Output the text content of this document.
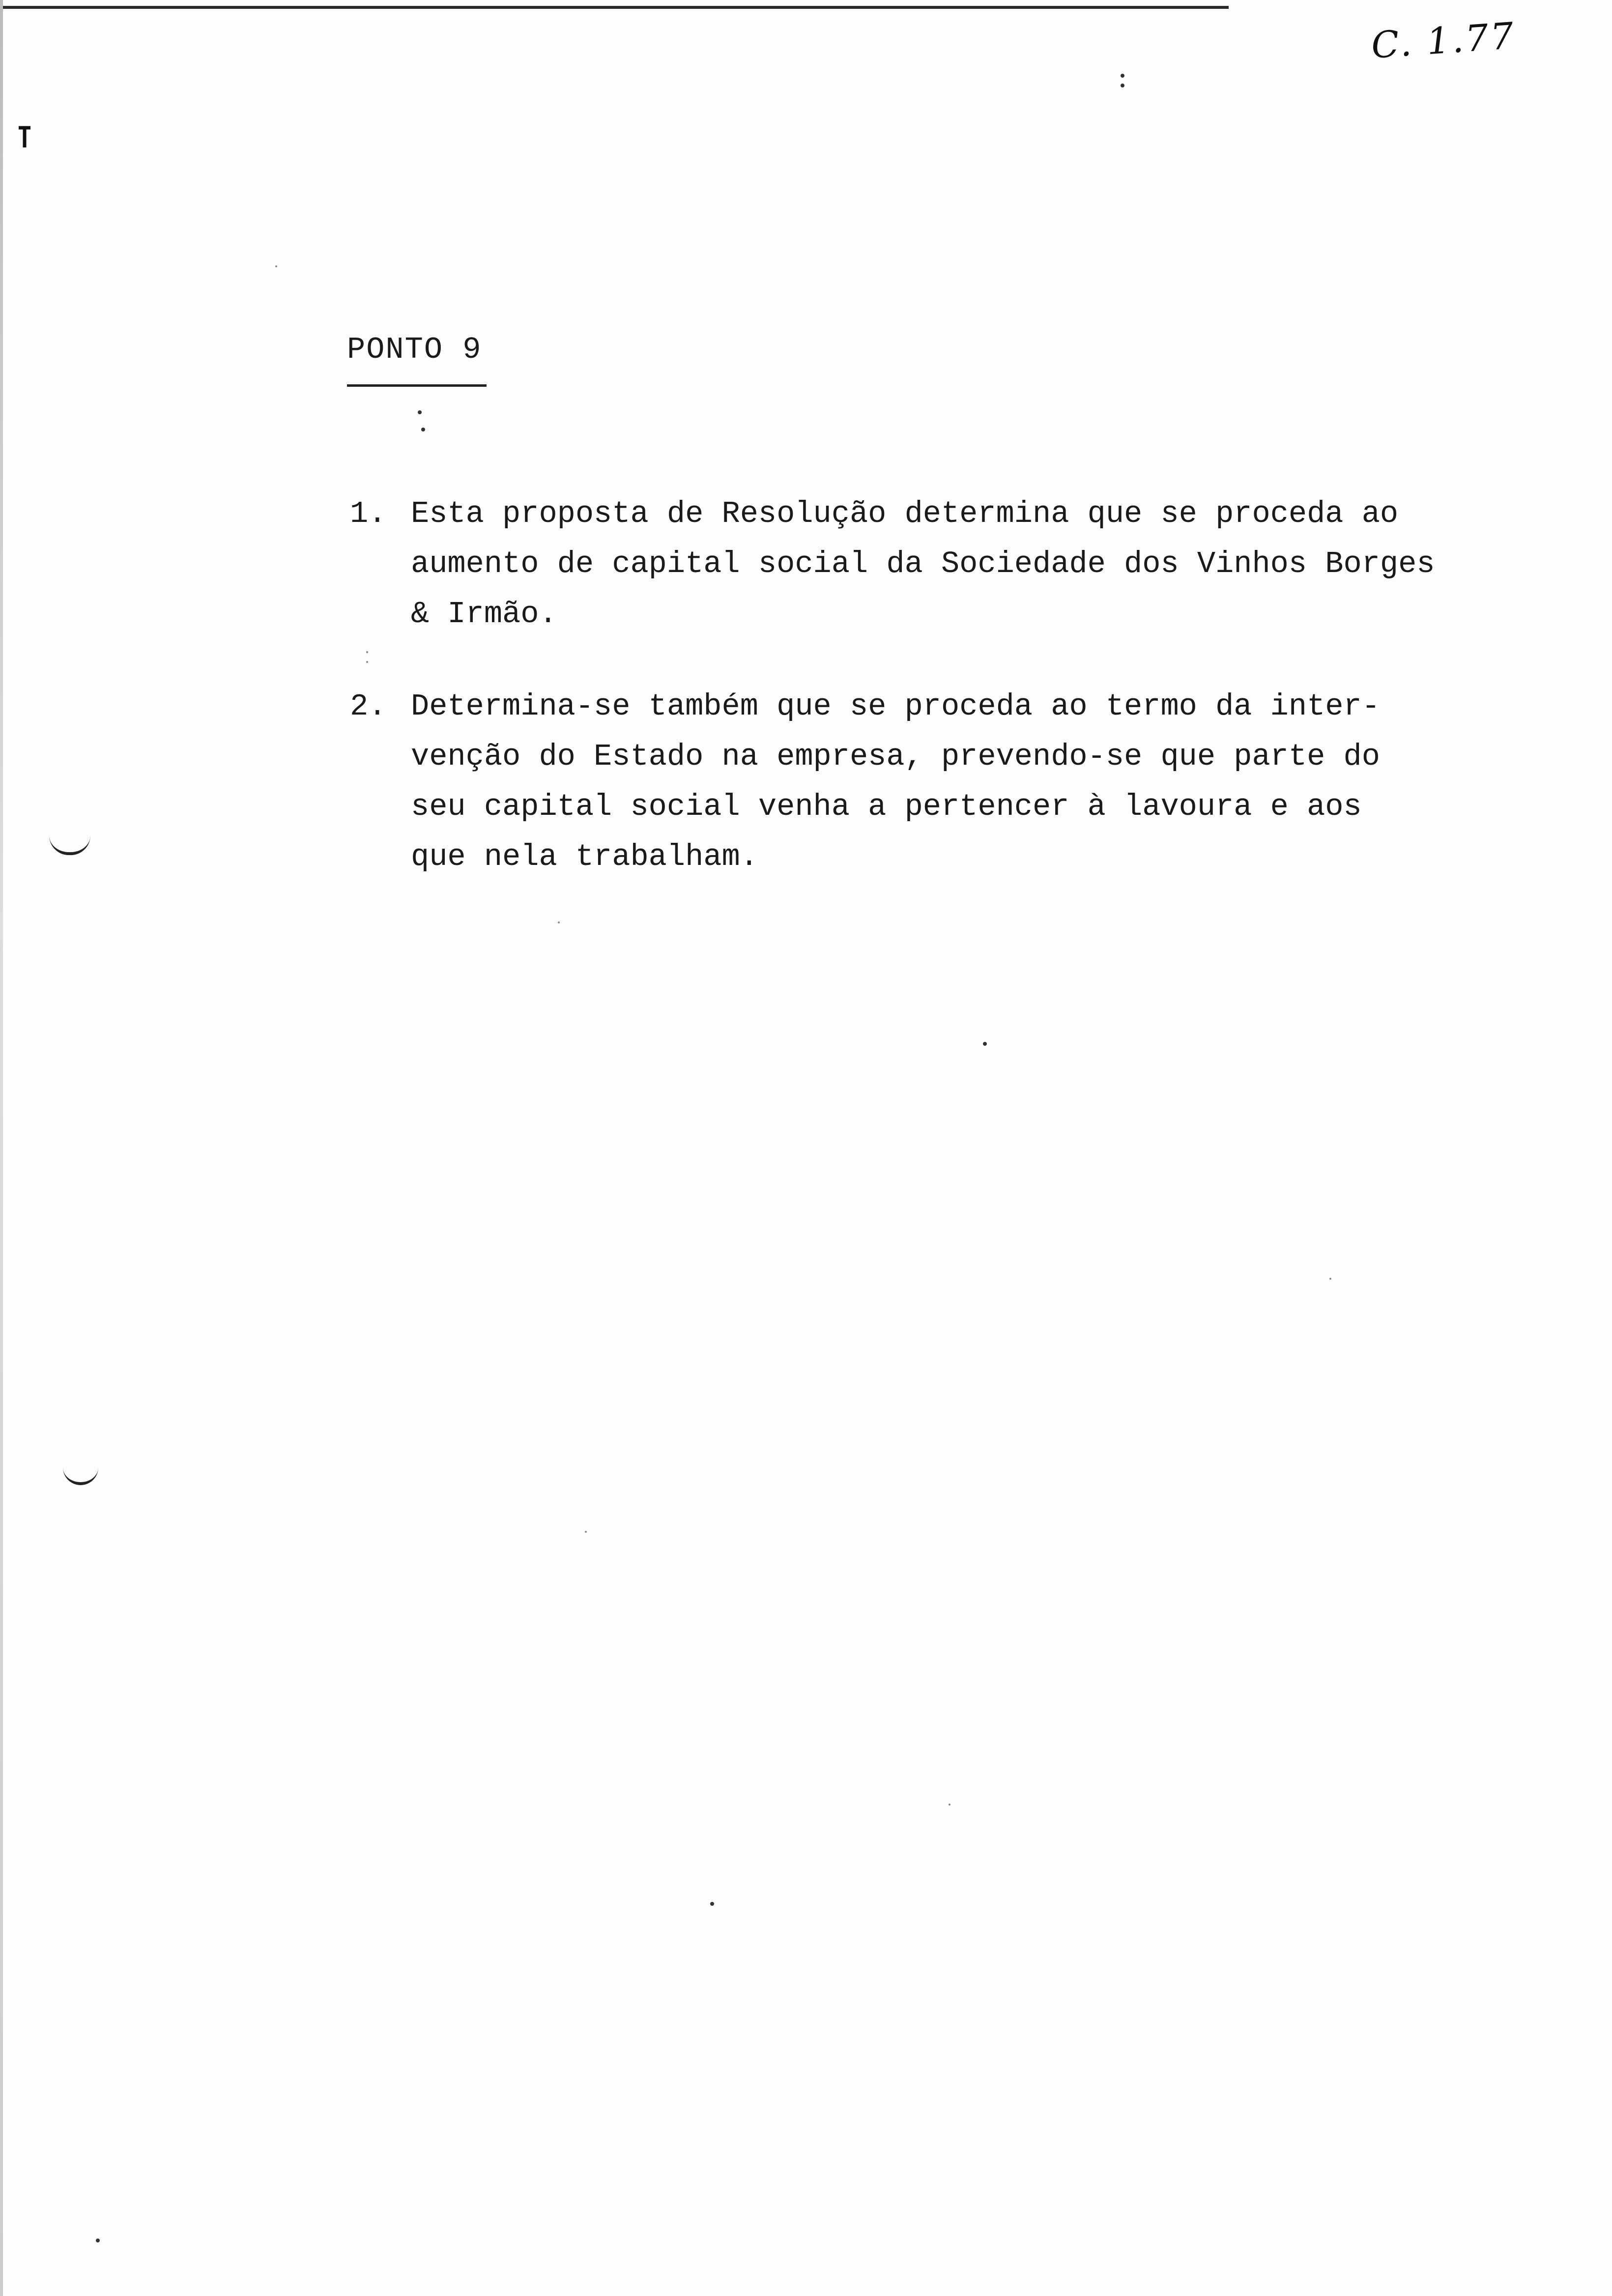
C. 1.77
PONTO 9
1. Esta proposta de Resolução determina que se proceda ao
aumento de capital social da Sociedade dos Vinhos Borges
& Irmão.
2. Determina-se também que se proceda ao termo da inter-
venção do Estado na empresa, prevendo-se que parte do
seu capital social venha a pertencer à lavoura e aos
que nela trabalham.
